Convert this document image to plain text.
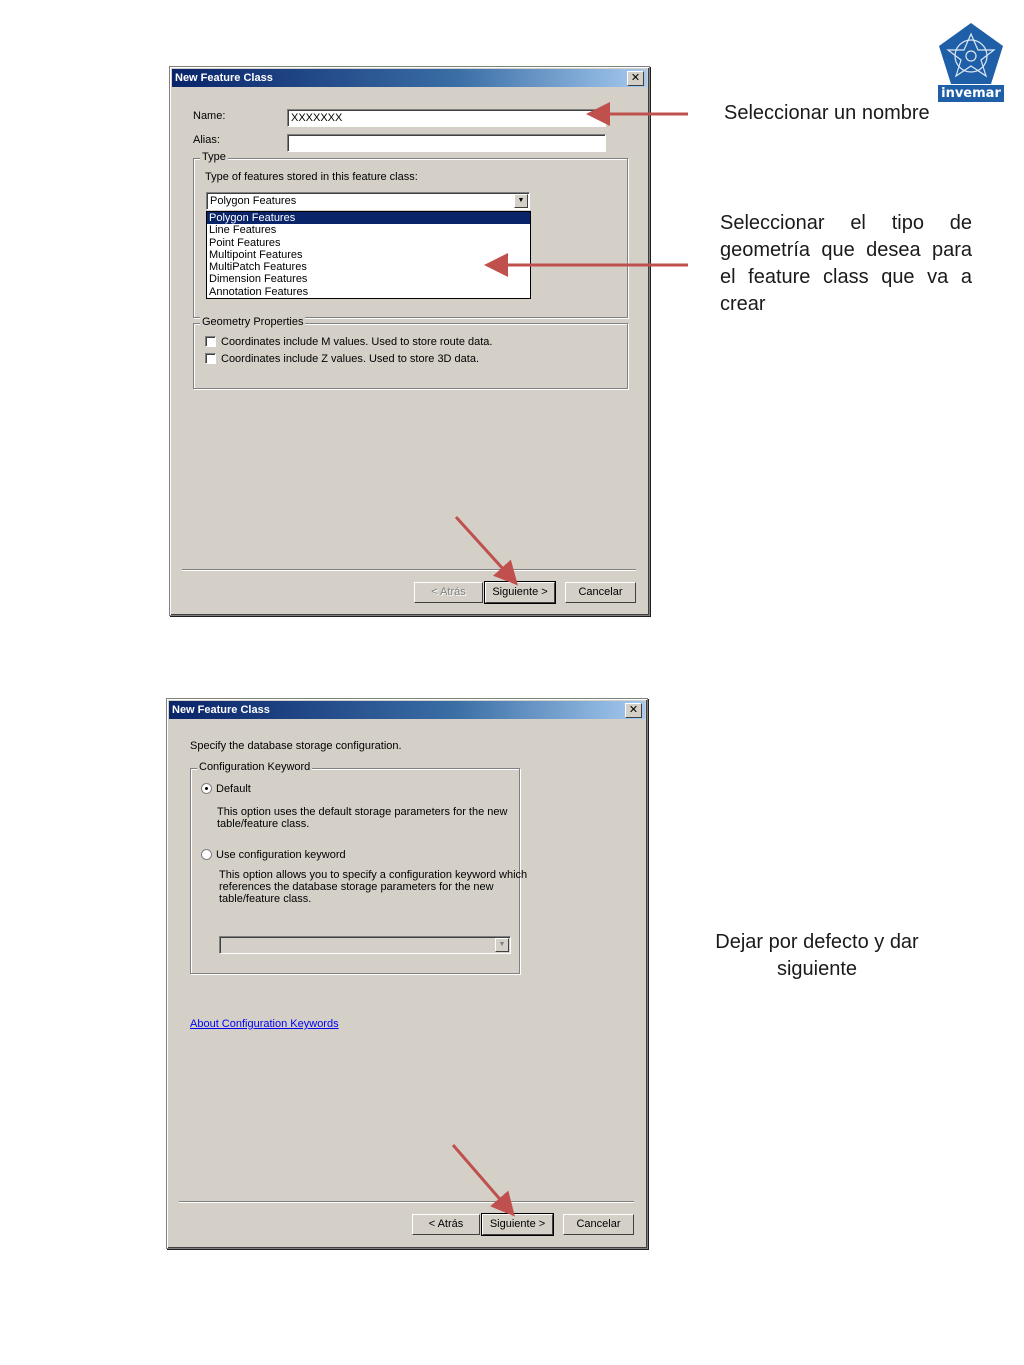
New Feature Class	✕
Name:	XXXXXXX
Alias:
Type
Type of features stored in this feature class:
Polygon Features	▼
Polygon Features
Line Features
Point Features
Multipoint Features
MultiPatch Features
Dimension Features
Annotation Features
Geometry Properties
Coordinates include M values. Used to store route data.
Coordinates include Z values. Used to store 3D data.
< Atrás	Siguiente >	Cancelar
New Feature Class	✕
Specify the database storage configuration.
Configuration Keyword
Default
This option uses the default storage parameters for the new
table/feature class.
Use configuration keyword
This option allows you to specify a configuration keyword which
references the database storage parameters for the new
table/feature class.
▼
About Configuration Keywords
< Atrás	Siguiente >	Cancelar
Seleccionar un nombre
Seleccionar el tipo de
geometría que desea para
el feature class que va a
crear
Dejar por defecto y dar
siguiente
invemar
